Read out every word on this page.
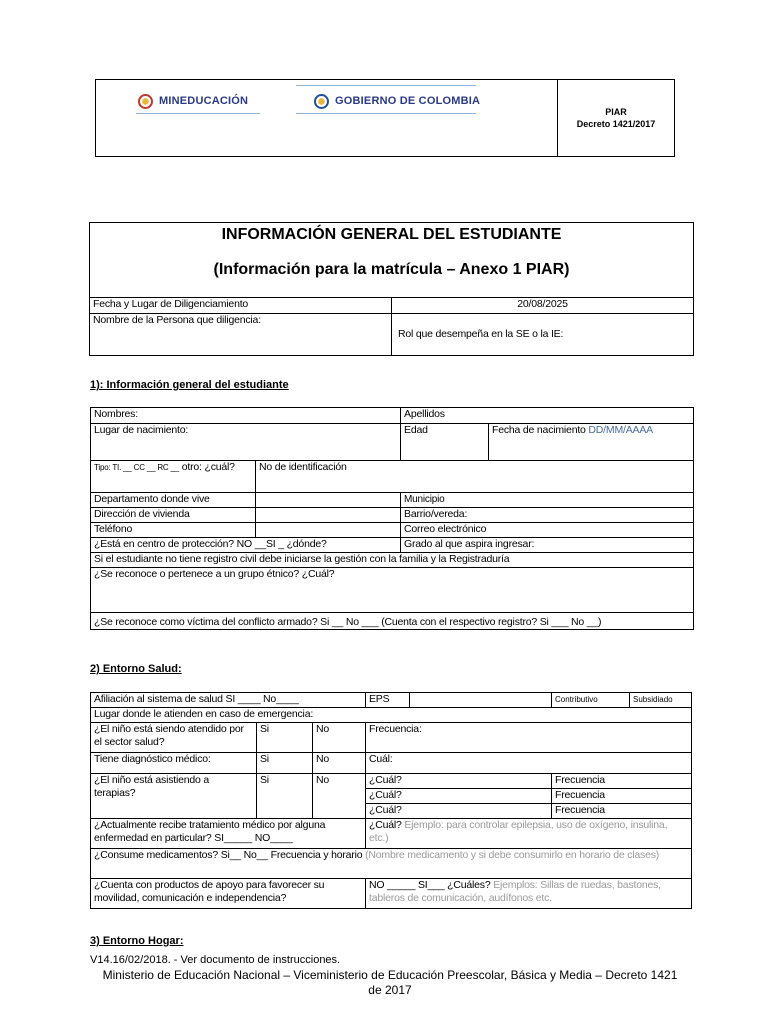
MINEDUCACIÓN	GOBIERNO DE COLOMBIA

PIAR
Decreto 1421/2017
INFORMACIÓN GENERAL DEL ESTUDIANTE
(Información para la matrícula – Anexo 1 PIAR)	

Fecha y Lugar de Diligenciamiento	20/08/2025
Nombre de la Persona que diligencia:	Rol que desempeña en la SE o la IE:
1): Información general del estudiante
Nombres:		Apellidos	
Lugar de nacimiento:		Edad	Fecha de nacimiento DD/MM/AAAA
Tipo: TI. __ CC __ RC __ otro: ¿cuál?	No de identificación		
Departamento donde vive		Municipio	
Dirección de vivienda		Barrio/vereda:	
Teléfono		Correo electrónico	
¿Está en centro de protección? NO __SI _ ¿dónde?		Grado al que aspira ingresar:	
Si el estudiante no tiene registro civil debe iniciarse la gestión con la familia y la Registraduría			
¿Se reconoce o pertenece a un grupo étnico? ¿Cuál?			
¿Se reconoce como víctima del conflicto armado? Si __ No ___ (Cuenta con el respectivo registro? Si ___ No __)			
2) Entorno Salud:
Afiliación al sistema de salud SI ____ No____			EPS		Contributivo	Subsidiado
Lugar donde le atienden en caso de emergencia:						
¿El niño está siendo atendido por el sector salud?	Si	No	Frecuencia:			
Tiene diagnóstico médico:	Si	No	Cuál:			
¿El niño está asistiendo a terapias?	Si	No	¿Cuál?		Frecuencia	
			¿Cuál?		Frecuencia	
			¿Cuál?		Frecuencia	
¿Actualmente recibe tratamiento médico por alguna enfermedad en particular? SI_____ NO____			¿Cuál? Ejemplo: para controlar epilepsia, uso de oxígeno, insulina, etc.)			
¿Consume medicamentos? Si__ No__ Frecuencia y horario (Nombre medicamento y si debe consumirlo en horario de clases)						
¿Cuenta con productos de apoyo para favorecer su movilidad, comunicación e independencia?			NO _____ SI___ ¿Cuáles? Ejemplos: Sillas de ruedas, bastones, tableros de comunicación, audífonos etc.			
3) Entorno Hogar:
V14.16/02/2018. - Ver documento de instrucciones.
Ministerio de Educación Nacional – Viceministerio de Educación Preescolar, Básica y Media – Decreto 1421 de 2017
